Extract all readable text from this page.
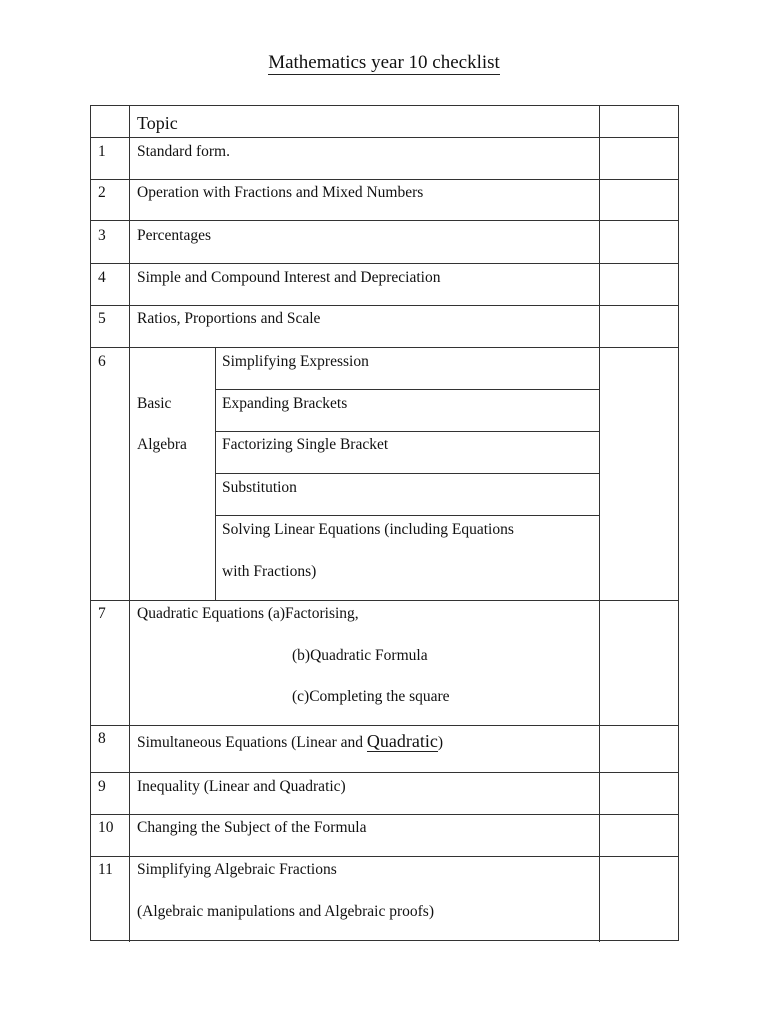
Mathematics year 10 checklist
Topic
1 Standard form.
2 Operation with Fractions and Mixed Numbers
3 Percentages
4 Simple and Compound Interest and Depreciation
5 Ratios, Proportions and Scale
6
Basic
Algebra
Simplifying Expression
Expanding Brackets
Factorizing Single Bracket
Substitution
Solving Linear Equations (including Equations
with Fractions)
7 Quadratic Equations (a)Factorising,
(b)Quadratic Formula
(c)Completing the square
8 Simultaneous Equations (Linear and Quadratic)
9 Inequality (Linear and Quadratic)
10 Changing the Subject of the Formula
11 Simplifying Algebraic Fractions
(Algebraic manipulations and Algebraic proofs)
